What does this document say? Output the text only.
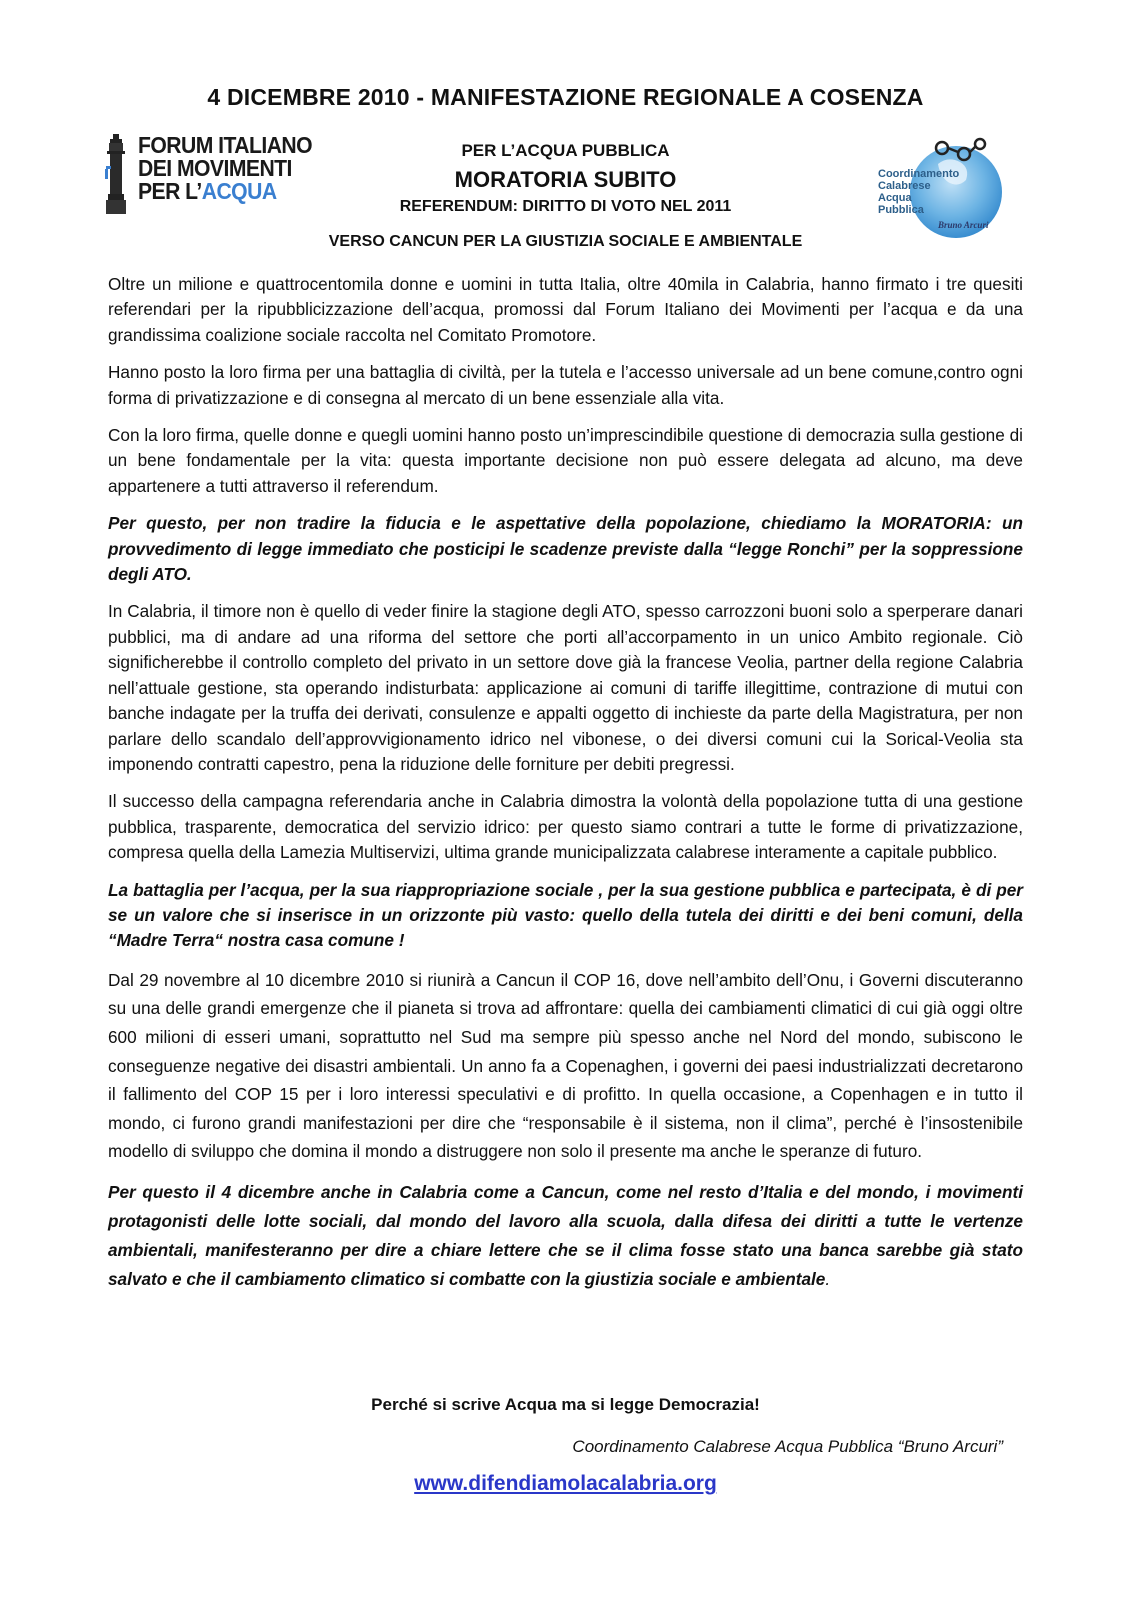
4 DICEMBRE 2010 - MANIFESTAZIONE REGIONALE A COSENZA
FORUM ITALIANO
DEI MOVIMENTI
PER L’ACQUA

PER L’ACQUA PUBBLICA

MORATORIA SUBITO

REFERENDUM: DIRITTO DI VOTO NEL 2011

VERSO CANCUN PER LA GIUSTIZIA SOCIALE E AMBIENTALE

Coordinamento
Calabrese
Acqua
Pubblica
Bruno Arcuri

Oltre un milione e quattrocentomila donne e uomini in tutta Italia, oltre 40mila in Calabria, hanno firmato i tre quesiti referendari per la ripubblicizzazione dell’acqua, promossi dal Forum Italiano dei Movimenti per l’acqua e da una grandissima coalizione sociale raccolta nel Comitato Promotore.

Hanno posto la loro firma per una battaglia di civiltà, per la tutela e l’accesso universale ad un bene comune,contro ogni forma di privatizzazione e di consegna al mercato di un bene essenziale alla vita.

Con la loro firma, quelle donne e quegli uomini hanno posto un’imprescindibile questione di democrazia sulla gestione di un bene fondamentale per la vita: questa importante decisione non può essere delegata ad alcuno, ma deve appartenere a tutti attraverso il referendum.

Per questo, per non tradire la fiducia e le aspettative della popolazione, chiediamo la MORATORIA: un provvedimento di legge immediato che posticipi le scadenze previste dalla “legge Ronchi” per la soppressione degli ATO.

In Calabria, il timore non è quello di veder finire la stagione degli ATO, spesso carrozzoni buoni solo a sperperare danari pubblici, ma di andare ad una riforma del settore che porti all’accorpamento in un unico Ambito regionale. Ciò significherebbe il controllo completo del privato in un settore dove già la francese Veolia, partner della regione Calabria nell’attuale gestione, sta operando indisturbata: applicazione ai comuni di tariffe illegittime, contrazione di mutui con banche indagate per la truffa dei derivati, consulenze e appalti oggetto di inchieste da parte della Magistratura, per non parlare dello scandalo dell’approvvigionamento idrico nel vibonese, o dei diversi comuni cui la Sorical-Veolia sta imponendo contratti capestro, pena la riduzione delle forniture per debiti pregressi.

Il successo della campagna referendaria anche in Calabria dimostra la volontà della popolazione tutta di una gestione pubblica, trasparente, democratica del servizio idrico: per questo siamo contrari a tutte le forme di privatizzazione, compresa quella della Lamezia Multiservizi, ultima grande municipalizzata calabrese interamente a capitale pubblico.

La battaglia per l’acqua, per la sua riappropriazione sociale , per la sua gestione pubblica e partecipata, è di per se un valore che si inserisce in un orizzonte più vasto: quello della tutela dei diritti e dei beni comuni, della “Madre Terra“ nostra casa comune !

Dal 29 novembre al 10 dicembre 2010 si riunirà a Cancun il COP 16, dove nell’ambito dell’Onu, i Governi discuteranno su una delle grandi emergenze che il pianeta si trova ad affrontare: quella dei cambiamenti climatici di cui già oggi oltre 600 milioni di esseri umani, soprattutto nel Sud ma sempre più spesso anche nel Nord del mondo, subiscono le conseguenze negative dei disastri ambientali. Un anno fa a Copenaghen, i governi dei paesi industrializzati decretarono il fallimento del COP 15 per i loro interessi speculativi e di profitto. In quella occasione, a Copenhagen e in tutto il mondo, ci furono grandi manifestazioni per dire che “responsabile è il sistema, non il clima”, perché è l’insostenibile modello di sviluppo che domina il mondo a distruggere non solo il presente ma anche le speranze di futuro.

Per questo il 4 dicembre anche in Calabria come a Cancun, come nel resto d’Italia e del mondo, i movimenti protagonisti delle lotte sociali, dal mondo del lavoro alla scuola, dalla difesa dei diritti a tutte le vertenze ambientali, manifesteranno per dire a chiare lettere che se il clima fosse stato una banca sarebbe già stato salvato e che il cambiamento climatico si combatte con la giustizia sociale e ambientale.

Perché si scrive Acqua ma si legge Democrazia!

Coordinamento Calabrese Acqua Pubblica “Bruno Arcuri”

www.difendiamolacalabria.org
